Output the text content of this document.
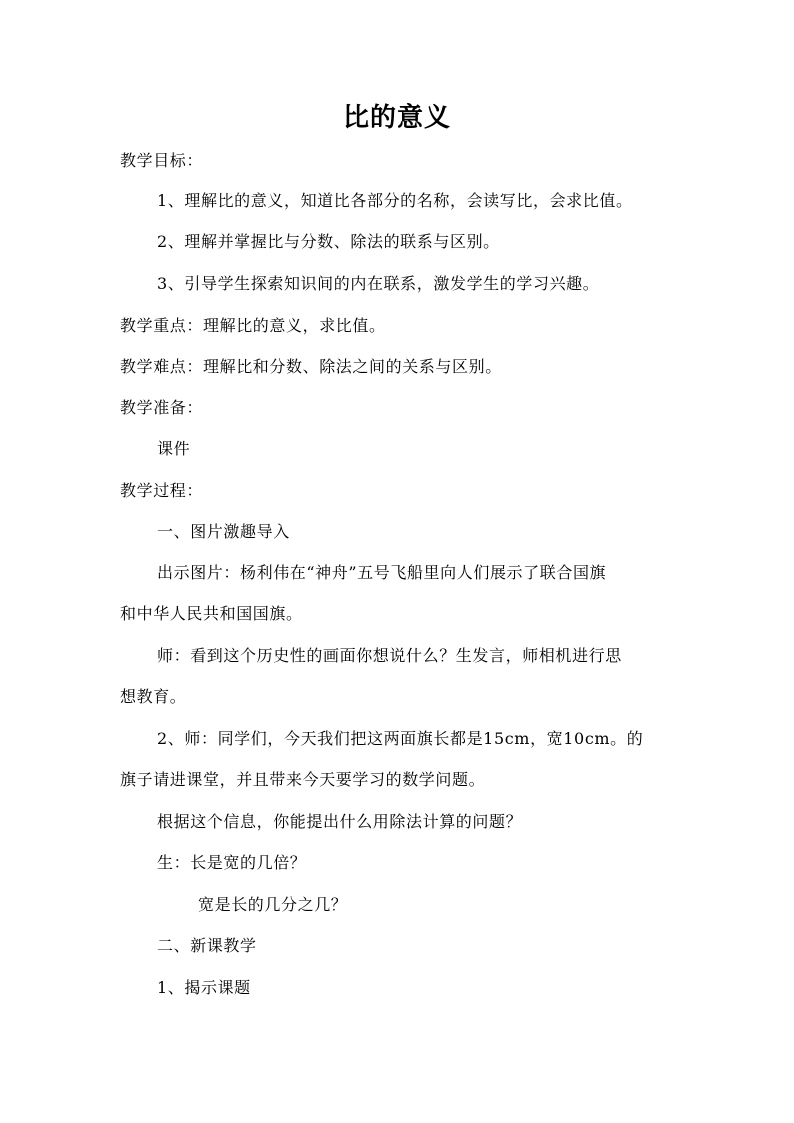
比的意义
教学目标：
1、理解比的意义，知道比各部分的名称，会读写比，会求比值。
2、理解并掌握比与分数、除法的联系与区别。
3、引导学生探索知识间的内在联系，激发学生的学习兴趣。
教学重点：理解比的意义，求比值。
教学难点：理解比和分数、除法之间的关系与区别。
教学准备：
课件
教学过程：
一、图片激趣导入
出示图片：杨利伟在“神舟”五号飞船里向人们展示了联合国旗
和中华人民共和国国旗。
师：看到这个历史性的画面你想说什么？生发言，师相机进行思
想教育。
2、师：同学们，今天我们把这两面旗长都是15cm，宽10cm。的
旗子请进课堂，并且带来今天要学习的数学问题。
根据这个信息，你能提出什么用除法计算的问题？
生：长是宽的几倍？
宽是长的几分之几？
二、新课教学
1、揭示课题
